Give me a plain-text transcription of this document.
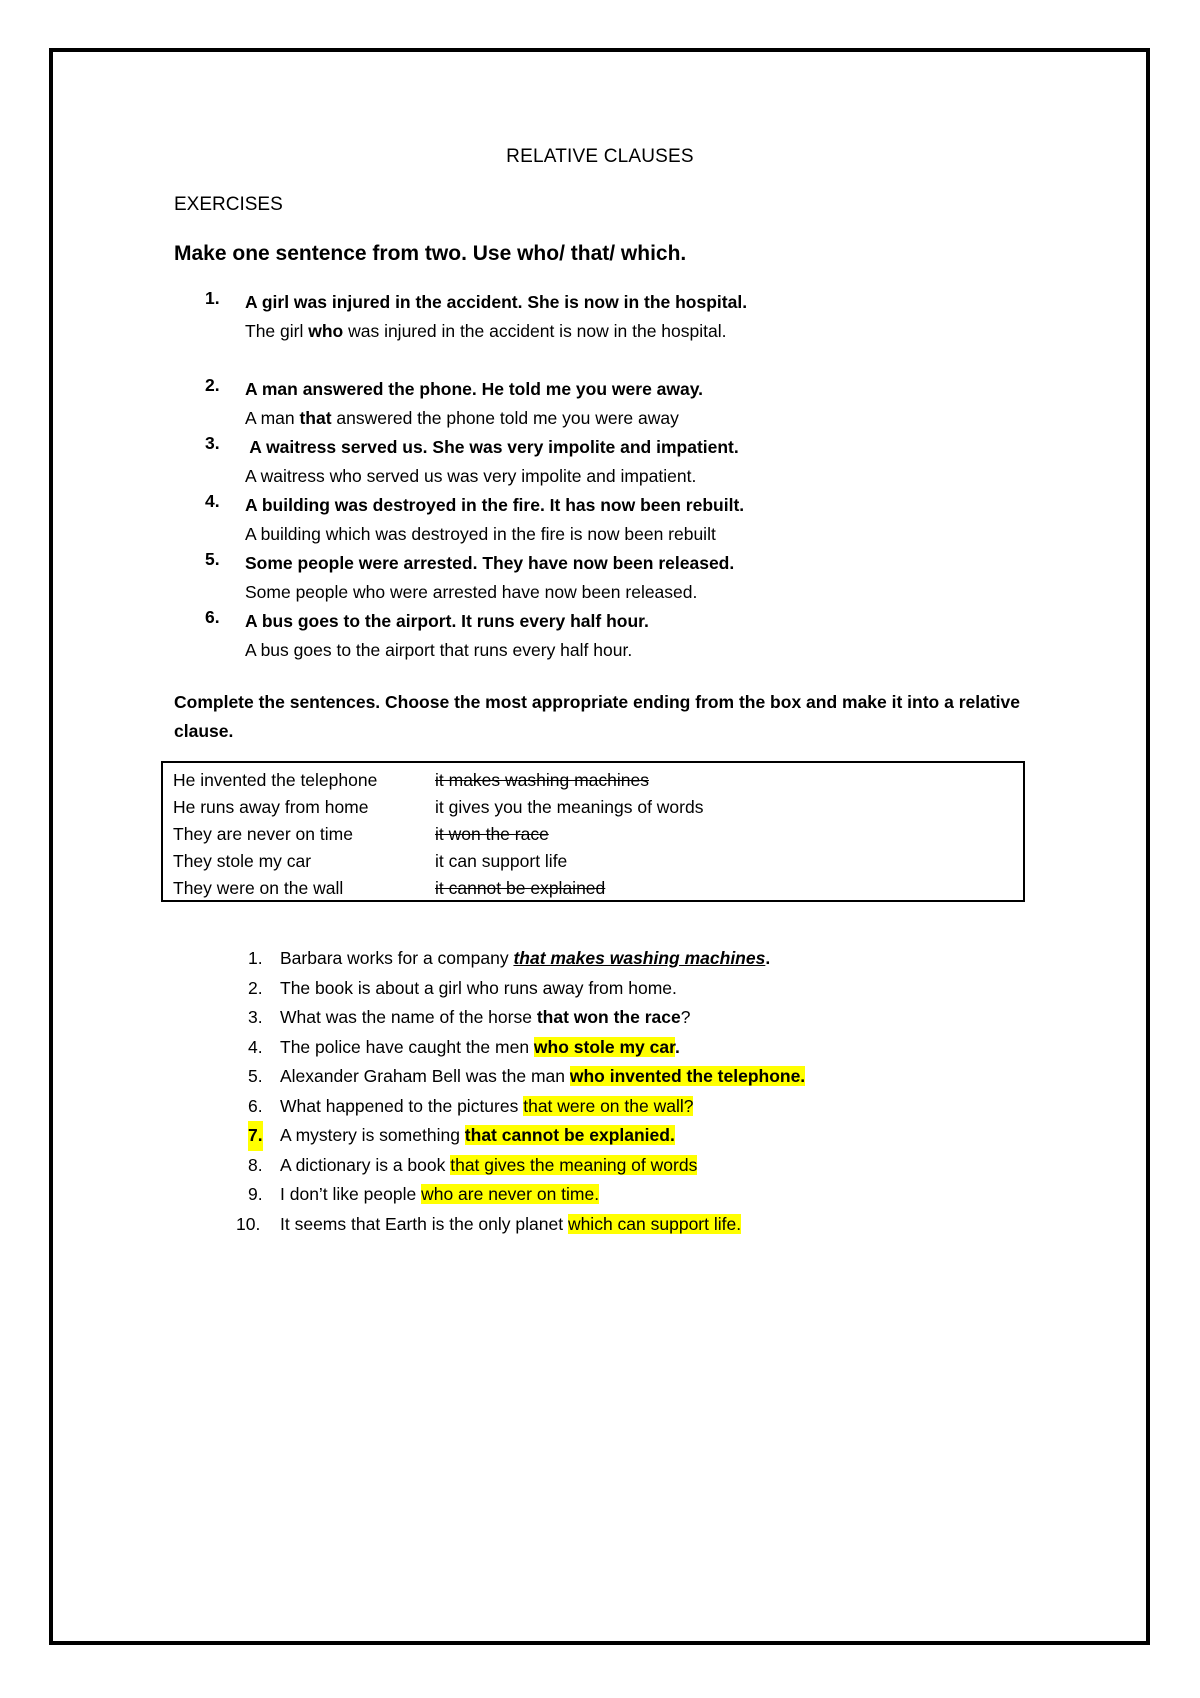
RELATIVE CLAUSES
EXERCISES
Make one sentence from two. Use who/ that/ which.
1. A girl was injured in the accident. She is now in the hospital.
The girl who was injured in the accident is now in the hospital.
2. A man answered the phone. He told me you were away.
A man that answered the phone told me you were away
3. A waitress served us. She was very impolite and impatient.
A waitress who served us was very impolite and impatient.
4. A building was destroyed in the fire. It has now been rebuilt.
A building which was destroyed in the fire is now been rebuilt
5. Some people were arrested. They have now been released.
Some people who were arrested have now been released.
6. A bus goes to the airport. It runs every half hour.
A bus goes to the airport that runs every half hour.
Complete the sentences. Choose the most appropriate ending from the box and make it into a relative clause.
He invented the telephone
He runs away from home
They are never on time
They stole my car
They were on the wall
it makes washing machines
it gives you the meanings of words
it won the race
it can support life
it cannot be explained
1. Barbara works for a company that makes washing machines.
2. The book is about a girl who runs away from home.
3. What was the name of the horse that won the race?
4. The police have caught the men who stole my car.
5. Alexander Graham Bell was the man who invented the telephone.
6. What happened to the pictures that were on the wall?
7. A mystery is something that cannot be explanied.
8. A dictionary is a book that gives the meaning of words
9. I don’t like people who are never on time.
10. It seems that Earth is the only planet which can support life.
